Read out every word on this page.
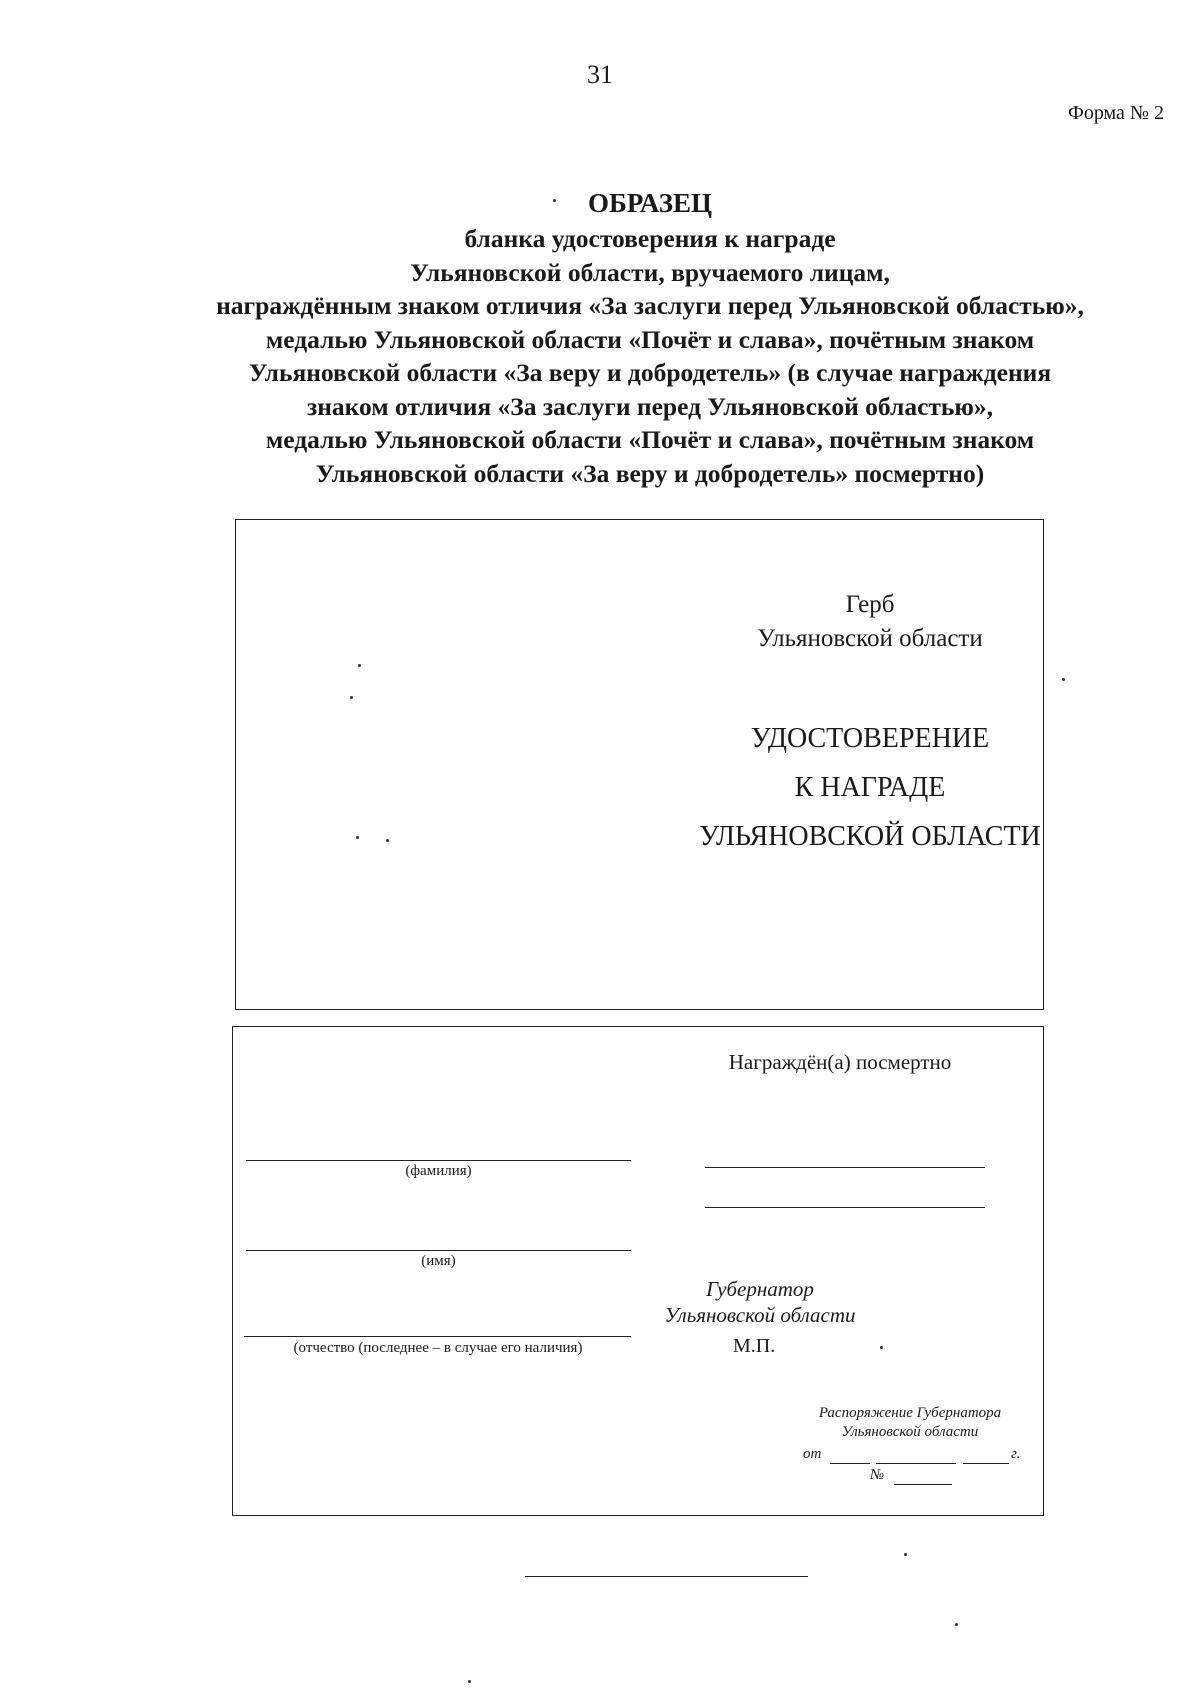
31
Форма № 2
ОБРАЗЕЦ
бланка удостоверения к награде
Ульяновской области, вручаемого лицам,
награждённым знаком отличия «За заслуги перед Ульяновской областью»,
медалью Ульяновской области «Почёт и слава», почётным знаком
Ульяновской области «За веру и добродетель» (в случае награждения
знаком отличия «За заслуги перед Ульяновской областью»,
медалью Ульяновской области «Почёт и слава», почётным знаком
Ульяновской области «За веру и добродетель» посмертно)
Герб
Ульяновской области
УДОСТОВЕРЕНИЕ
К НАГРАДЕ
УЛЬЯНОВСКОЙ ОБЛАСТИ
Награждён(а) посмертно
(фамилия)
(имя)
(отчество (последнее – в случае его наличия)
Губернатор
Ульяновской области
М.П.
Распоряжение Губернатора
Ульяновской области
от	г.
№
